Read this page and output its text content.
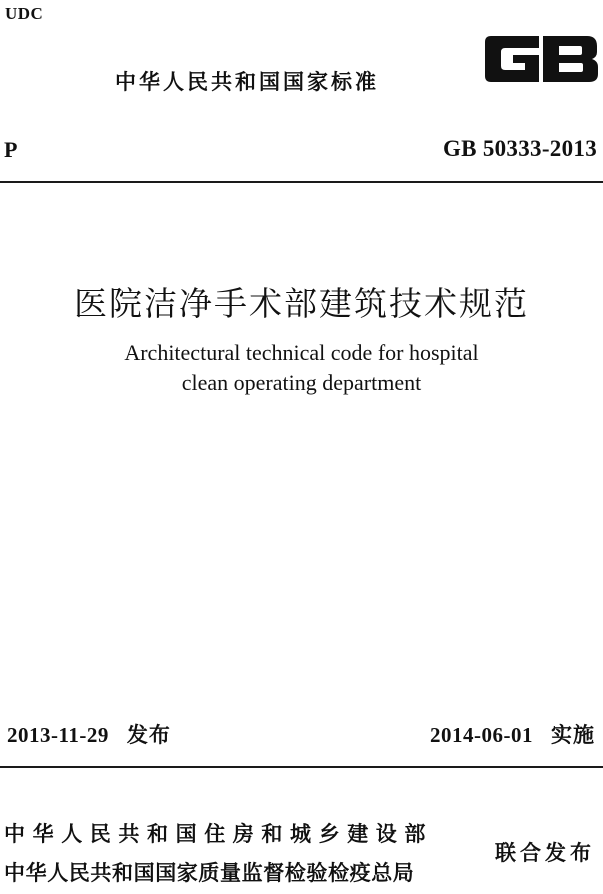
UDC
中华人民共和国国家标准
P	GB 50333-2013
医院洁净手术部建筑技术规范
Architectural technical code for hospital
clean operating department
2013-11-29 发布	2014-06-01 实施
中华人民共和国住房和城乡建设部
中华人民共和国国家质量监督检验检疫总局
联合发布
